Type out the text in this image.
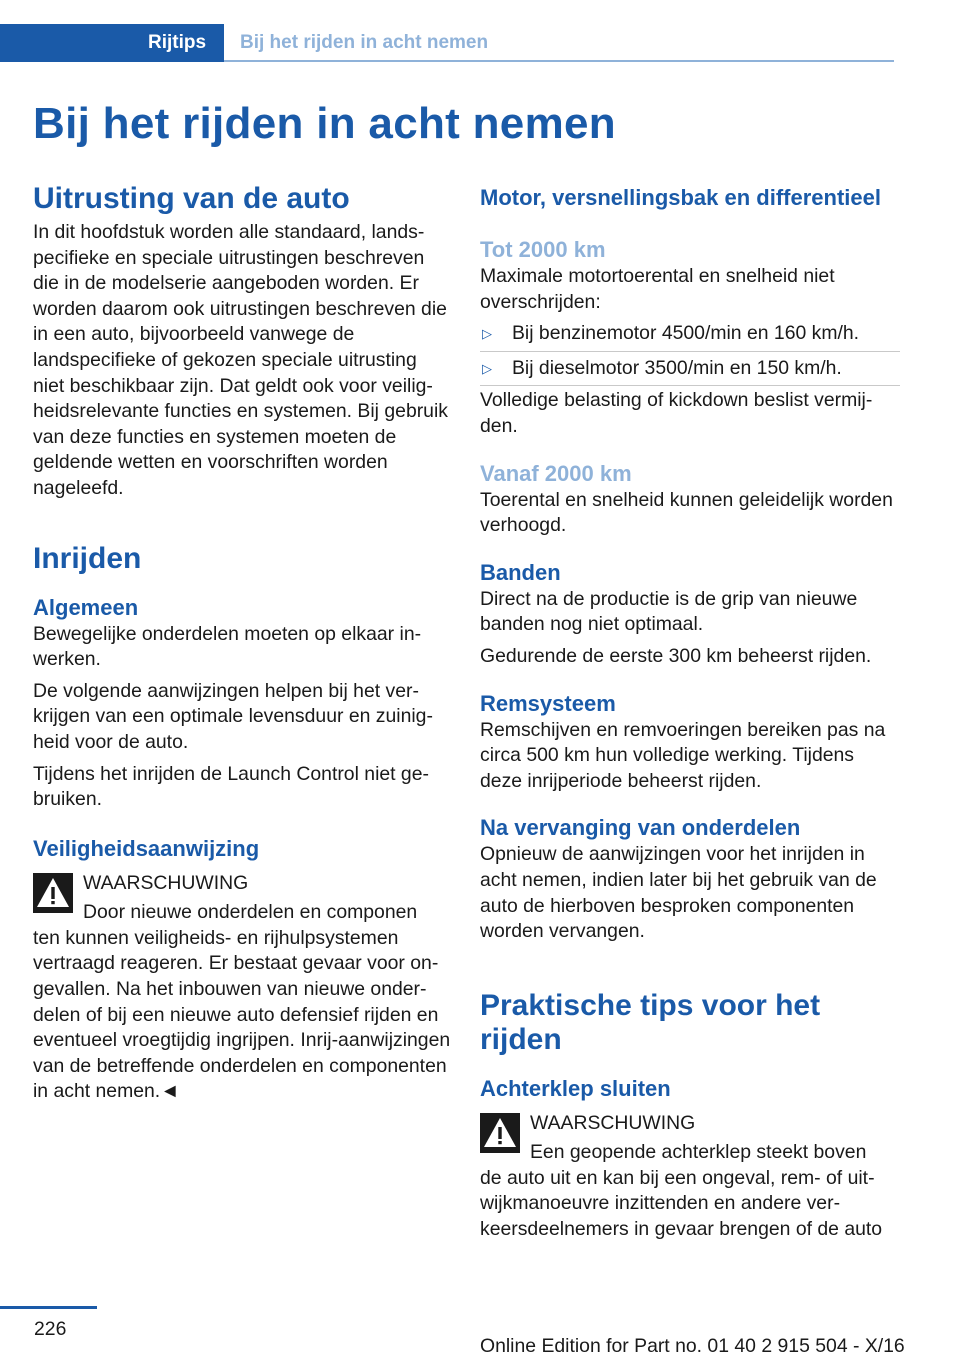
Rijtips	Bij het rijden in acht nemen
Bij het rijden in acht nemen
Uitrusting van de auto

In dit hoofdstuk worden alle standaard, landspecifieke en speciale uitrustingen beschreven die in de modelserie aangeboden worden. Er worden daarom ook uitrustingen beschreven die in een auto, bijvoorbeeld vanwege de landspecifieke of gekozen speciale uitrusting niet beschikbaar zijn. Dat geldt ook voor veiligheidsrelevante functies en systemen. Bij gebruik van deze functies en systemen moeten de geldende wetten en voorschriften worden nageleefd.

Inrijden
Algemeen

Bewegelijke onderdelen moeten op elkaar inwerken.

De volgende aanwijzingen helpen bij het verkrijgen van een optimale levensduur en zuinigheid voor de auto.

Tijdens het inrijden de Launch Control niet gebruiken.

Veiligheidsaanwijzing

WAARSCHUWING

Door nieuwe onderdelen en componen

ten kunnen veiligheids- en rijhulpsystemen vertraagd reageren. Er bestaat gevaar voor ongevallen. Na het inbouwen van nieuwe onderdelen of bij een nieuwe auto defensief rijden en eventueel vroegtijdig ingrijpen. Inrij-aanwijzingen van de betreffende onderdelen en componenten in acht nemen.◄

Motor, versnellingsbak en differentieel
Tot 2000 km

Maximale motortoerental en snelheid niet overschrijden:

▷	Bij benzinemotor 4500/min en 160 km/h.
▷	Bij dieselmotor 3500/min en 150 km/h.

Volledige belasting of kickdown beslist vermijden.

Vanaf 2000 km

Toerental en snelheid kunnen geleidelijk worden verhoogd.

Banden

Direct na de productie is de grip van nieuwe banden nog niet optimaal.

Gedurende de eerste 300 km beheerst rijden.

Remsysteem

Remschijven en remvoeringen bereiken pas na circa 500 km hun volledige werking. Tijdens deze inrijperiode beheerst rijden.

Na vervanging van onderdelen

Opnieuw de aanwijzingen voor het inrijden in acht nemen, indien later bij het gebruik van de auto de hierboven besproken componenten worden vervangen.

Praktische tips voor het rijden
Achterklep sluiten

WAARSCHUWING

Een geopende achterklep steekt boven

de auto uit en kan bij een ongeval, rem- of uitwijkmanoeuvre inzittenden en andere verkeersdeelnemers in gevaar brengen of de auto

226
Online Edition for Part no. 01 40 2 915 504 - X/16
